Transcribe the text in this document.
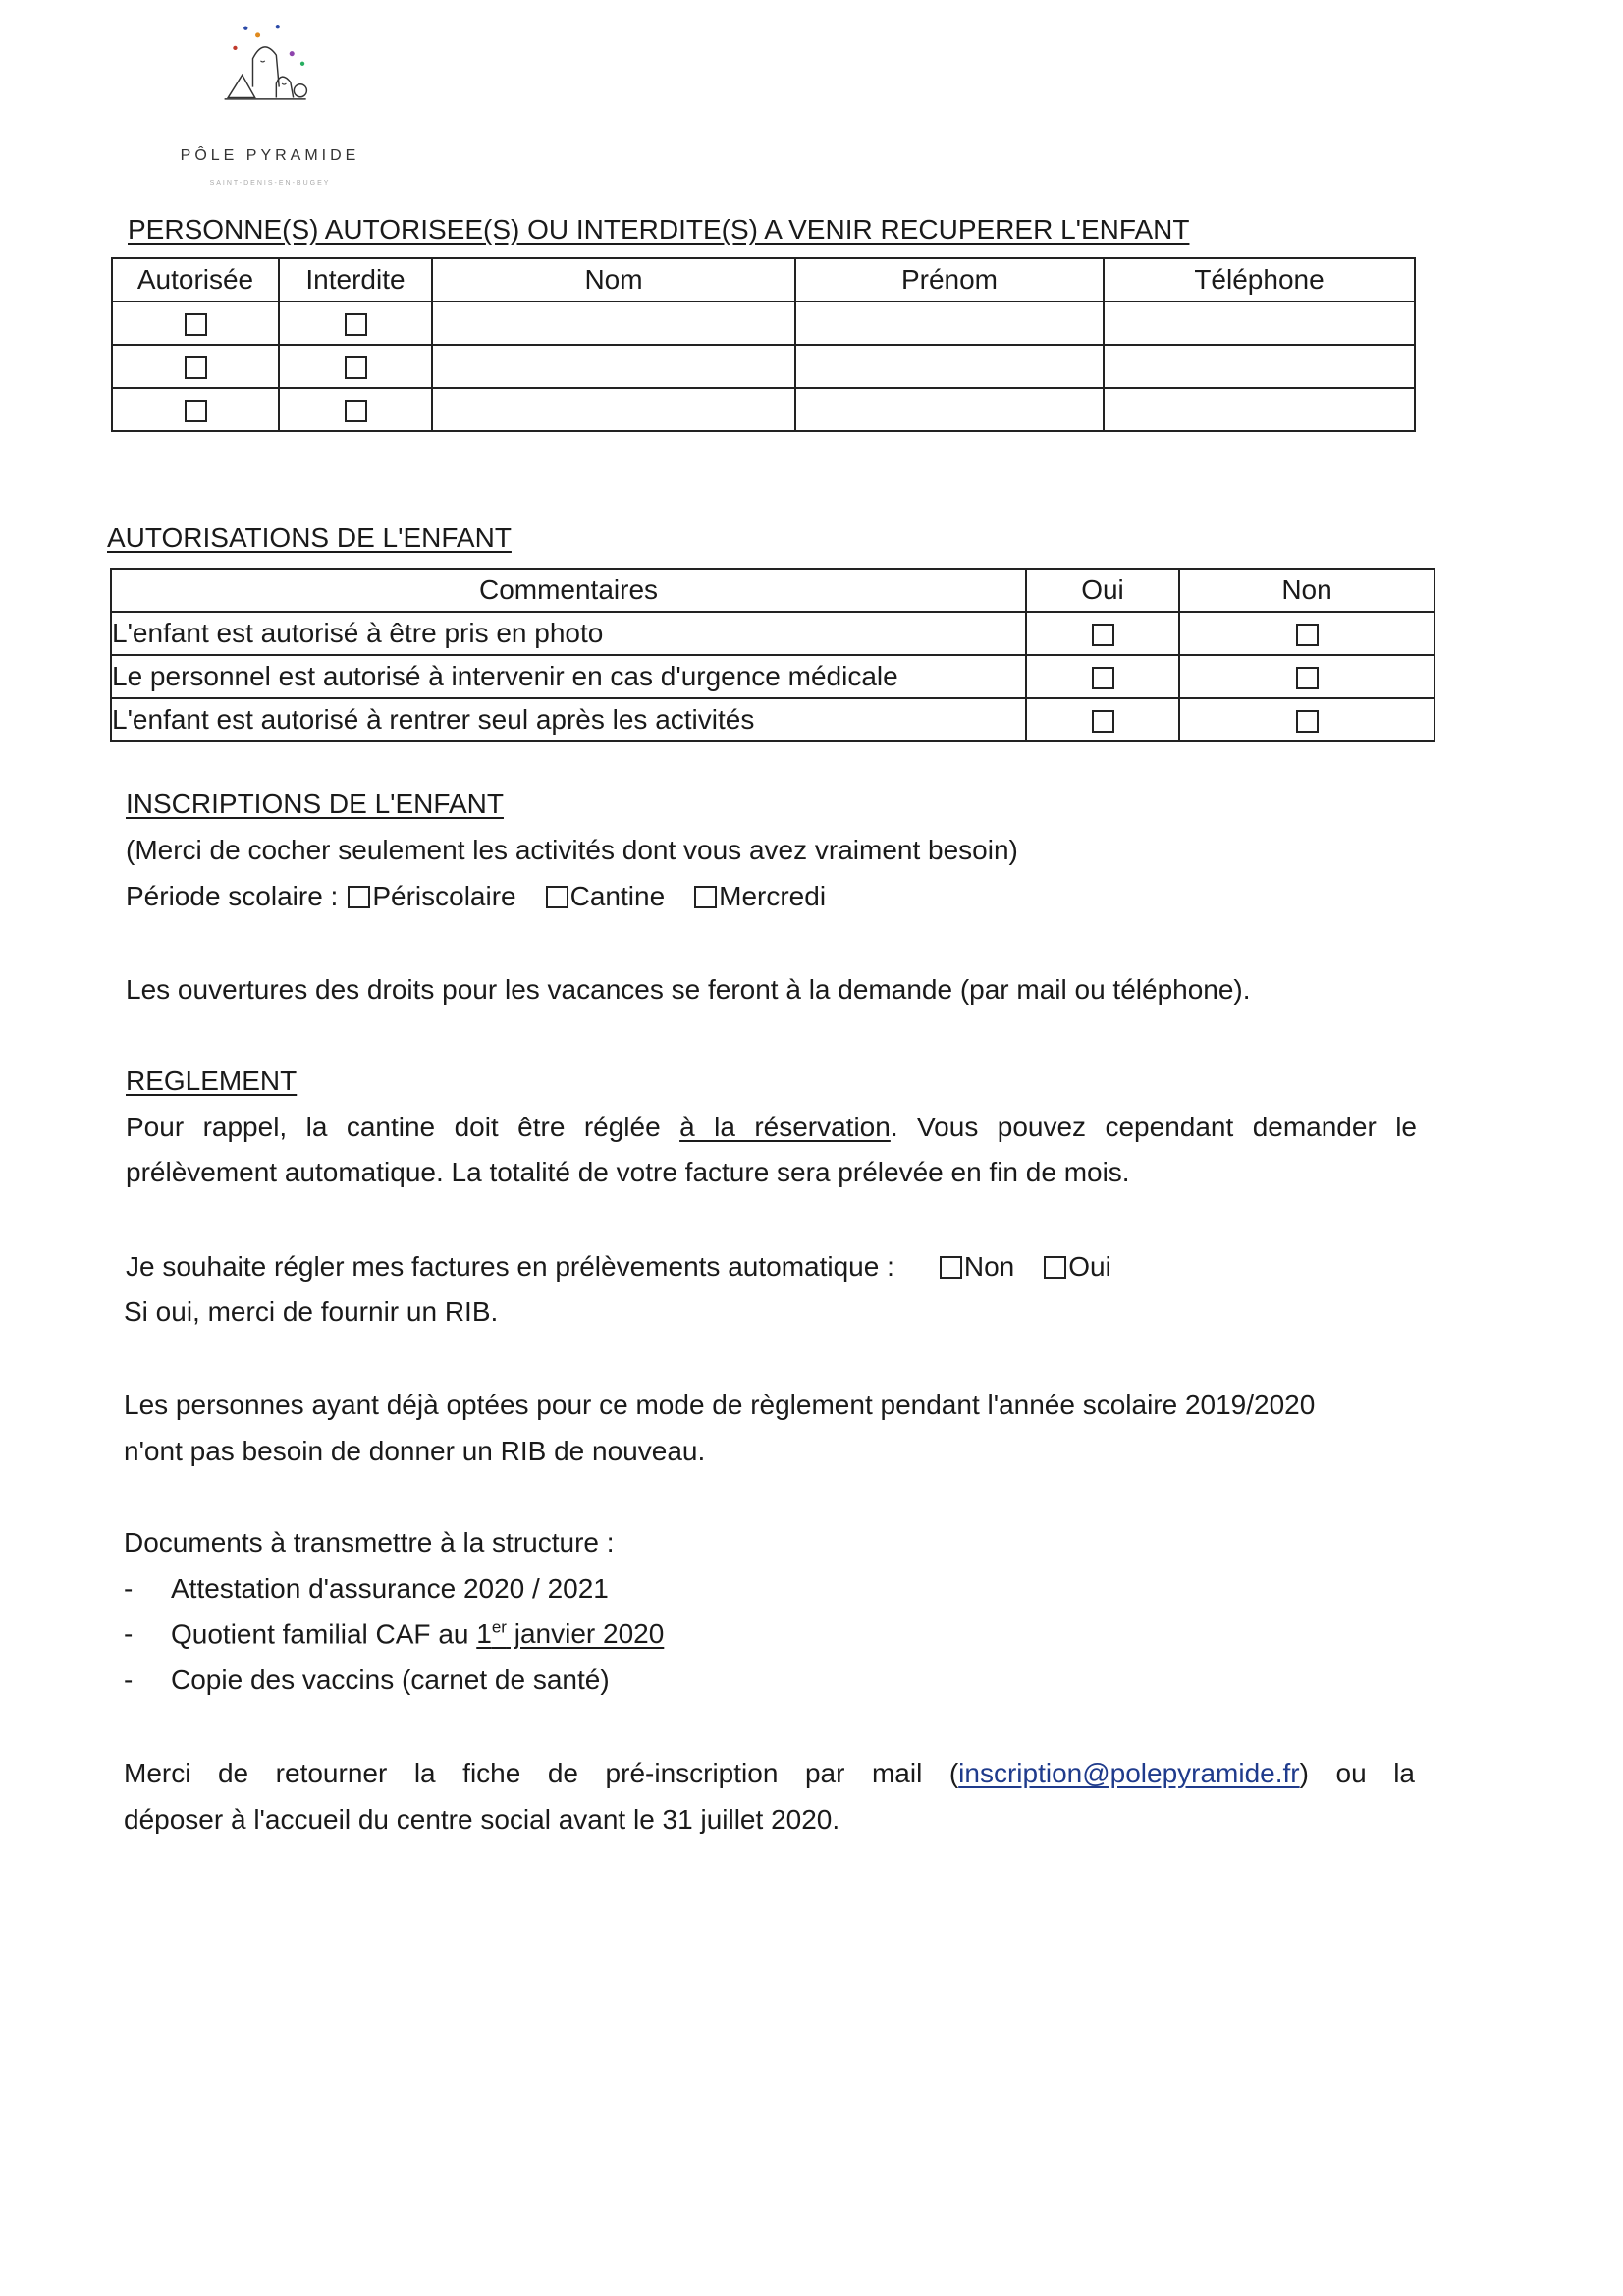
PÔLE PYRAMIDE
SAINT-DENIS-EN-BUGEY
PERSONNE(S) AUTORISEE(S) OU INTERDITE(S) A VENIR RECUPERER L'ENFANT
Autorisée	Interdite	Nom	Prénom	Téléphone

AUTORISATIONS DE L'ENFANT
Commentaires	Oui	Non
L'enfant est autorisé à être pris en photo		
Le personnel est autorisé à intervenir en cas d'urgence médicale		
L'enfant est autorisé à rentrer seul après les activités		
INSCRIPTIONS DE L'ENFANT
(Merci de cocher seulement les activités dont vous avez vraiment besoin)
Période scolaire : Périscolaire Cantine Mercredi
Les ouvertures des droits pour les vacances se feront à la demande (par mail ou téléphone).
REGLEMENT
Pour rappel, la cantine doit être réglée à la réservation. Vous pouvez cependant demander le
prélèvement automatique. La totalité de votre facture sera prélevée en fin de mois.
Je souhaite régler mes factures en prélèvements automatique :	Non Oui
Si oui, merci de fournir un RIB.
Les personnes ayant déjà optées pour ce mode de règlement pendant l'année scolaire 2019/2020
n'ont pas besoin de donner un RIB de nouveau.
Documents à transmettre à la structure :
- Attestation d'assurance 2020 / 2021
- Quotient familial CAF au 1er janvier 2020
- Copie des vaccins (carnet de santé)
Merci de retourner la fiche de pré-inscription par mail (inscription@polepyramide.fr) ou la
déposer à l'accueil du centre social avant le 31 juillet 2020.
